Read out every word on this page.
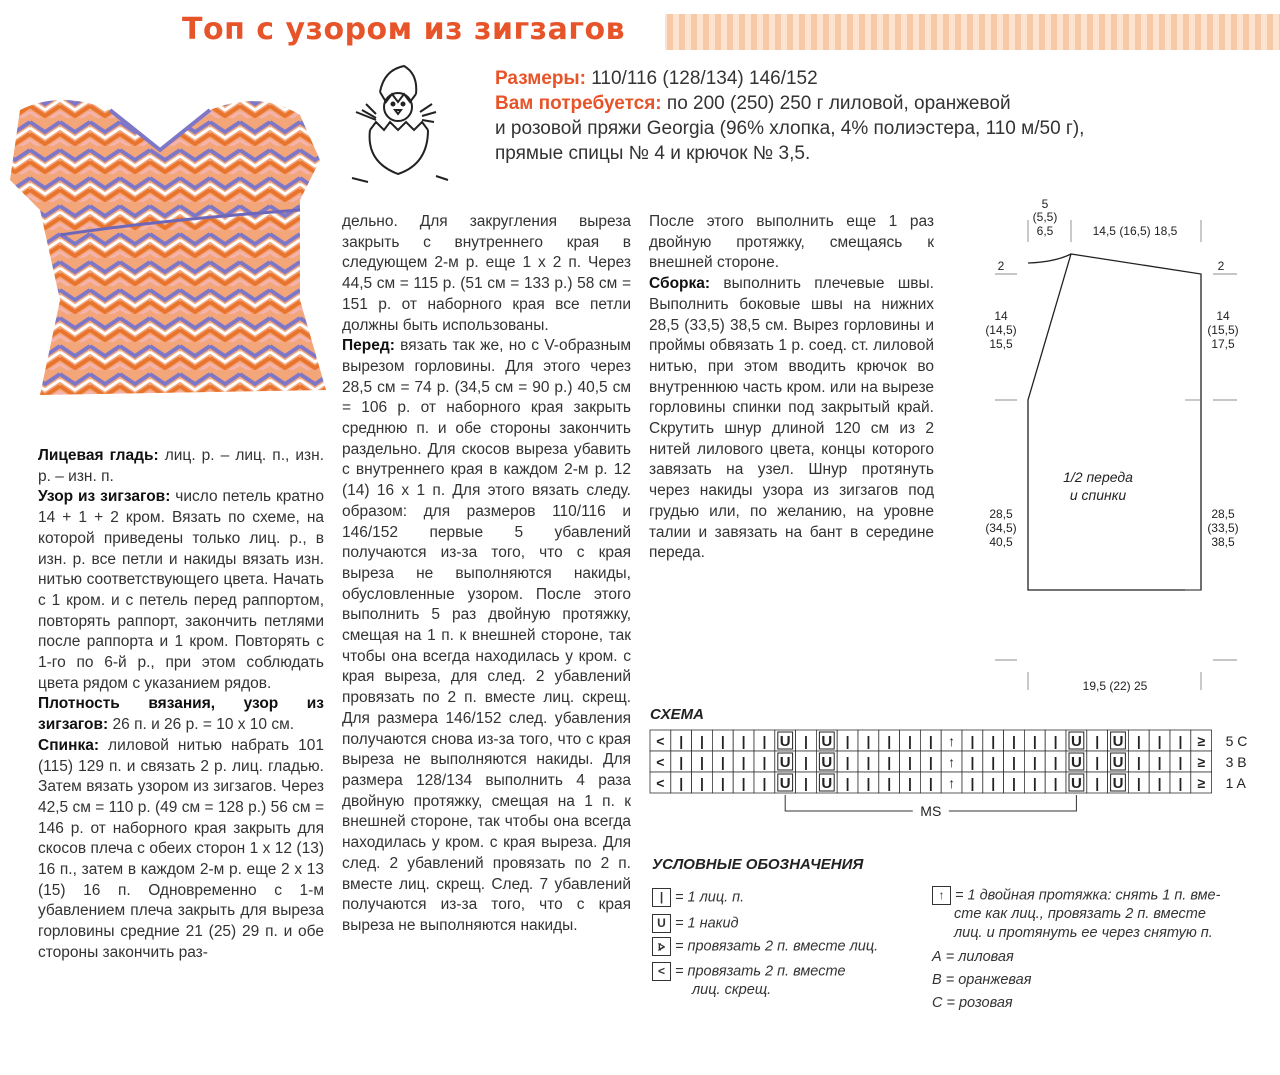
Топ с узором из зигзагов
Размеры: 110/116 (128/134) 146/152
Вам потребуется: по 200 (250) 250 г лиловой, оранжевой
и розовой пряжи Georgia (96% хлопка, 4% полиэстера, 110 м/50 г),
прямые спицы № 4 и крючок № 3,5.

Лицевая гладь: лиц. р. – лиц. п., изн. р. – изн. п.

Узор из зигзагов: число петель кратно 14 + 1 + 2 кром. Вязать по схеме, на которой приведены только лиц. р., в изн. р. все петли и накиды вязать изн. нитью соответствующего цвета. Начать с 1 кром. и с петель перед раппортом, повторять раппорт, закончить петлями после раппорта и 1 кром. Повторять с 1-го по 6-й р., при этом соблюдать цвета рядом с указанием рядов.

Плотность вязания, узор из зигзагов: 26 п. и 26 р. = 10 х 10 см.

Спинка: лиловой нитью набрать 101 (115) 129 п. и связать 2 р. лиц. гладью. Затем вязать узором из зигзагов. Через 42,5 см = 110 р. (49 см = 128 р.) 56 см = 146 р. от наборного края закрыть для скосов плеча с обеих сторон 1 х 12 (13) 16 п., затем в каждом 2-м р. еще 2 х 13 (15) 16 п. Одновременно с 1-м убавлением плеча закрыть для выреза горловины средние 21 (25) 29 п. и обе стороны закончить раз-

дельно. Для закругления выреза закрыть с внутреннего края в следующем 2-м р. еще 1 х 2 п. Через 44,5 см = 115 р. (51 см = 133 р.) 58 см = 151 р. от наборного края все петли должны быть использованы.

Перед: вязать так же, но с V-образным вырезом горловины. Для этого через 28,5 см = 74 р. (34,5 см = 90 р.) 40,5 см = 106 р. от наборного края закрыть среднюю п. и обе стороны закончить раздельно. Для скосов выреза убавить с внутреннего края в каждом 2-м р. 12 (14) 16 х 1 п. Для этого вязать следу. образом: для размеров 110/116 и 146/152 первые 5 убавлений получаются из-за того, что с края выреза не выполняются накиды, обусловленные узором. После этого выполнить 5 раз двойную протяжку, смещая на 1 п. к внешней стороне, так чтобы она всегда находилась у кром. с края выреза, для след. 2 убавлений провязать по 2 п. вместе лиц. скрещ. Для размера 146/152 след. убавления получаются снова из-за того, что с края выреза не выполняются накиды. Для размера 128/134 выполнить 4 раза двойную протяжку, смещая на 1 п. к внешней стороне, так чтобы она всегда находилась у кром. с края выреза. Для след. 2 убавлений провязать по 2 п. вместе лиц. скрещ. След. 7 убавлений получаются из-за того, что с края выреза не выполняются накиды.

После этого выполнить еще 1 раз двойную протяжку, смещаясь к внешней стороне.

Сборка: выполнить плечевые швы. Выполнить боковые швы на нижних 28,5 (33,5) 38,5 см. Вырез горловины и проймы обвязать 1 р. соед. ст. лиловой нитью, при этом вводить крючок во внутреннюю часть кром. или на вырезе горловины спинки под закрытый край. Скрутить шнур длиной 120 см из 2 нитей лилового цвета, концы которого завязать на узел. Шнур протянуть через накиды узора из зигзагов под грудью или, по желанию, на уровне талии и завязать на бант в середине переда.

5
(5,5)
6,5	14,5 (16,5) 18,5
2	2
14
(14,5)
15,5
14
(15,5)
17,5
1/2 переда
и спинки
28,5
(34,5)
40,5
28,5
(33,5)
38,5
19,5 (22) 25
СХЕМА
< | | | | | U | U | | | | | ↑ | | | | | U | U | | | ≥ 5 C
< | | | | | U | U | | | | | ↑ | | | | | U | U | | | ≥ 3 B
< | | | | | U | U | | | | | ↑ | | | | | U | U | | | ≥ 1 A
MS
УСЛОВНЫЕ ОБОЗНАЧЕНИЯ
| = 1 лиц. п.
U = 1 накид
⦠ = провязать 2 п. вместе лиц.
< = провязать 2 п. вместе
лиц. скрещ.
↑ = 1 двойная протяжка: снять 1 п. вме-
сте как лиц., провязать 2 п. вместе
лиц. и протянуть ее через снятую п.
А = лиловая
В = оранжевая
С = розовая
